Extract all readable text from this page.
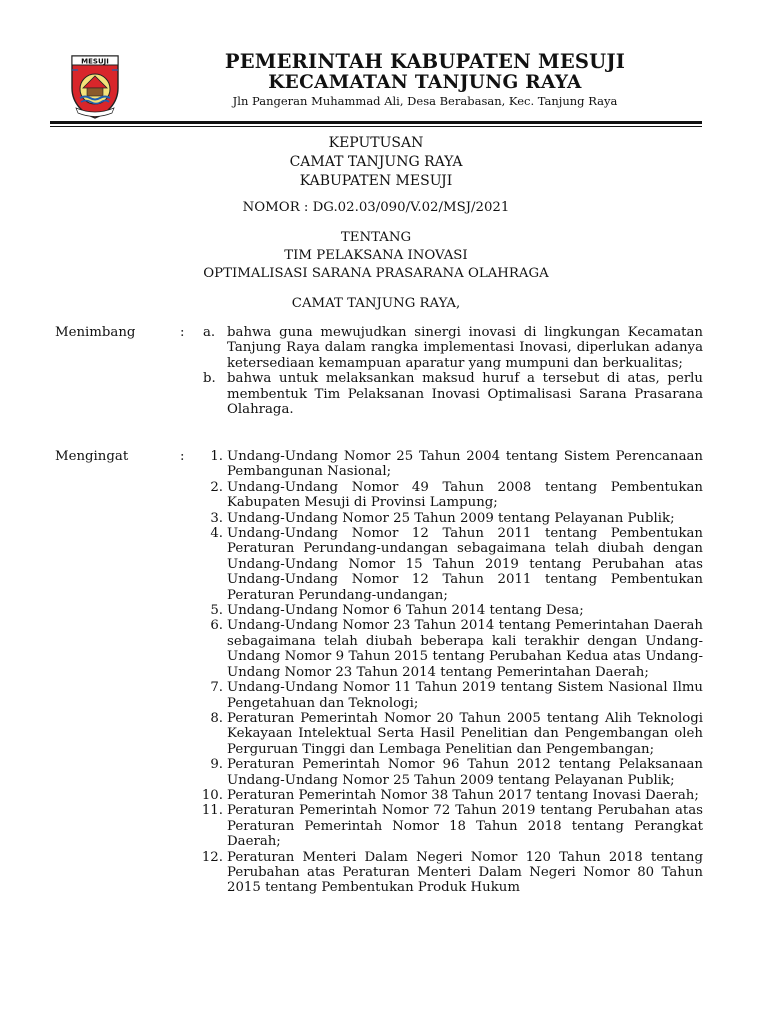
MESUJI	PEMERINTAH KABUPATEN MESUJI
KECAMATAN TANJUNG RAYA
Jln Pangeran Muhammad Ali, Desa Berabasan, Kec. Tanjung Raya
KEPUTUSAN
CAMAT TANJUNG RAYA
KABUPATEN MESUJI
NOMOR : DG.02.03/090/V.02/MSJ/2021
TENTANG
TIM PELAKSANA INOVASI
OPTIMALISASI SARANA PRASARANA OLAHRAGA
CAMAT TANJUNG RAYA,
Menimbang	:	a. bahwa guna mewujudkan sinergi inovasi di lingkungan Kecamatan Tanjung Raya dalam rangka implementasi Inovasi, diperlukan adanya ketersediaan kemampuan aparatur yang mumpuni dan berkualitas;
b. bahwa untuk melaksankan maksud huruf a tersebut di atas, perlu membentuk Tim Pelaksanan Inovasi Optimalisasi Sarana Prasarana Olahraga.
Mengingat	:	1. Undang-Undang Nomor 25 Tahun 2004 tentang Sistem Perencanaan Pembangunan Nasional;
2. Undang-Undang Nomor 49 Tahun 2008 tentang Pembentukan Kabupaten Mesuji di Provinsi Lampung;
3. Undang-Undang Nomor 25 Tahun 2009 tentang Pelayanan Publik;
4. Undang-Undang Nomor 12 Tahun 2011 tentang Pembentukan Peraturan Perundang-undangan sebagaimana telah diubah dengan Undang-Undang Nomor 15 Tahun 2019 tentang Perubahan atas Undang-Undang Nomor 12 Tahun 2011 tentang Pembentukan Peraturan Perundang-undangan;
5. Undang-Undang Nomor 6 Tahun 2014 tentang Desa;
6. Undang-Undang Nomor 23 Tahun 2014 tentang Pemerintahan Daerah sebagaimana telah diubah beberapa kali terakhir dengan Undang-Undang Nomor 9 Tahun 2015 tentang Perubahan Kedua atas Undang-Undang Nomor 23 Tahun 2014 tentang Pemerintahan Daerah;
7. Undang-Undang Nomor 11 Tahun 2019 tentang Sistem Nasional Ilmu Pengetahuan dan Teknologi;
8. Peraturan Pemerintah Nomor 20 Tahun 2005 tentang Alih Teknologi Kekayaan Intelektual Serta Hasil Penelitian dan Pengembangan oleh Perguruan Tinggi dan Lembaga Penelitian dan Pengembangan;
9. Peraturan Pemerintah Nomor 96 Tahun 2012 tentang Pelaksanaan Undang-Undang Nomor 25 Tahun 2009 tentang Pelayanan Publik;
10. Peraturan Pemerintah Nomor 38 Tahun 2017 tentang Inovasi Daerah;
11. Peraturan Pemerintah Nomor 72 Tahun 2019 tentang Perubahan atas Peraturan Pemerintah Nomor 18 Tahun 2018 tentang Perangkat Daerah;
12. Peraturan Menteri Dalam Negeri Nomor 120 Tahun 2018 tentang Perubahan atas Peraturan Menteri Dalam Negeri Nomor 80 Tahun 2015 tentang Pembentukan Produk Hukum
